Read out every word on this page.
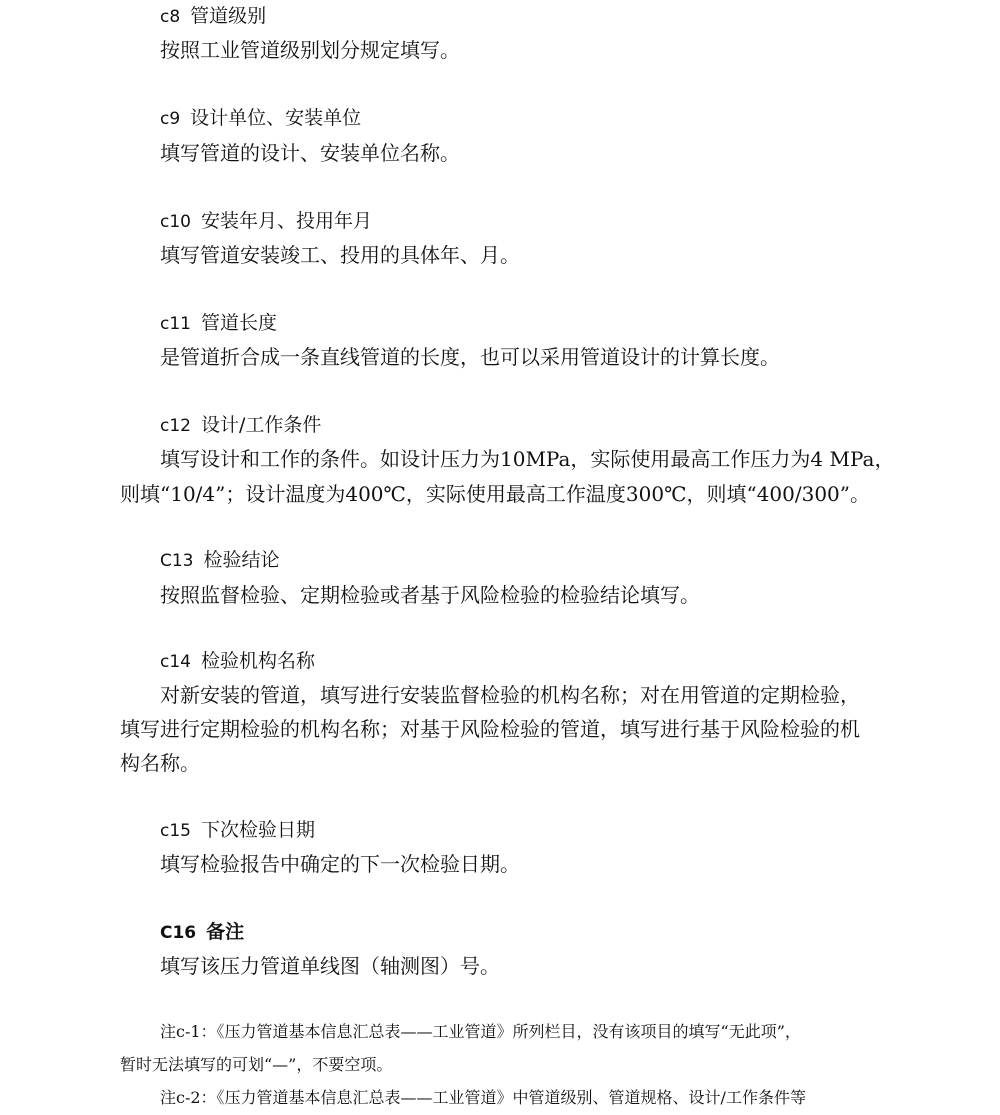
c8 管道级别
按照工业管道级别划分规定填写。
c9 设计单位、安装单位
填写管道的设计、安装单位名称。
c10 安装年月、投用年月
填写管道安装竣工、投用的具体年、月。
c11 管道长度
是管道折合成一条直线管道的长度，也可以采用管道设计的计算长度。
c12 设计/工作条件
填写设计和工作的条件。如设计压力为10MPa，实际使用最高工作压力为4 MPa，
则填“10/4”；设计温度为400℃，实际使用最高工作温度300℃，则填“400/300”。
C13 检验结论
按照监督检验、定期检验或者基于风险检验的检验结论填写。
c14 检验机构名称
对新安装的管道，填写进行安装监督检验的机构名称；对在用管道的定期检验，
填写进行定期检验的机构名称；对基于风险检验的管道，填写进行基于风险检验的机
构名称。
c15 下次检验日期
填写检验报告中确定的下一次检验日期。
C16 备注
填写该压力管道单线图（轴测图）号。
注c-1：《压力管道基本信息汇总表——工业管道》所列栏目，没有该项目的填写“无此项”，
暂时无法填写的可划“—”，不要空项。
注c-2：《压力管道基本信息汇总表——工业管道》中管道级别、管道规格、设计/工作条件等
